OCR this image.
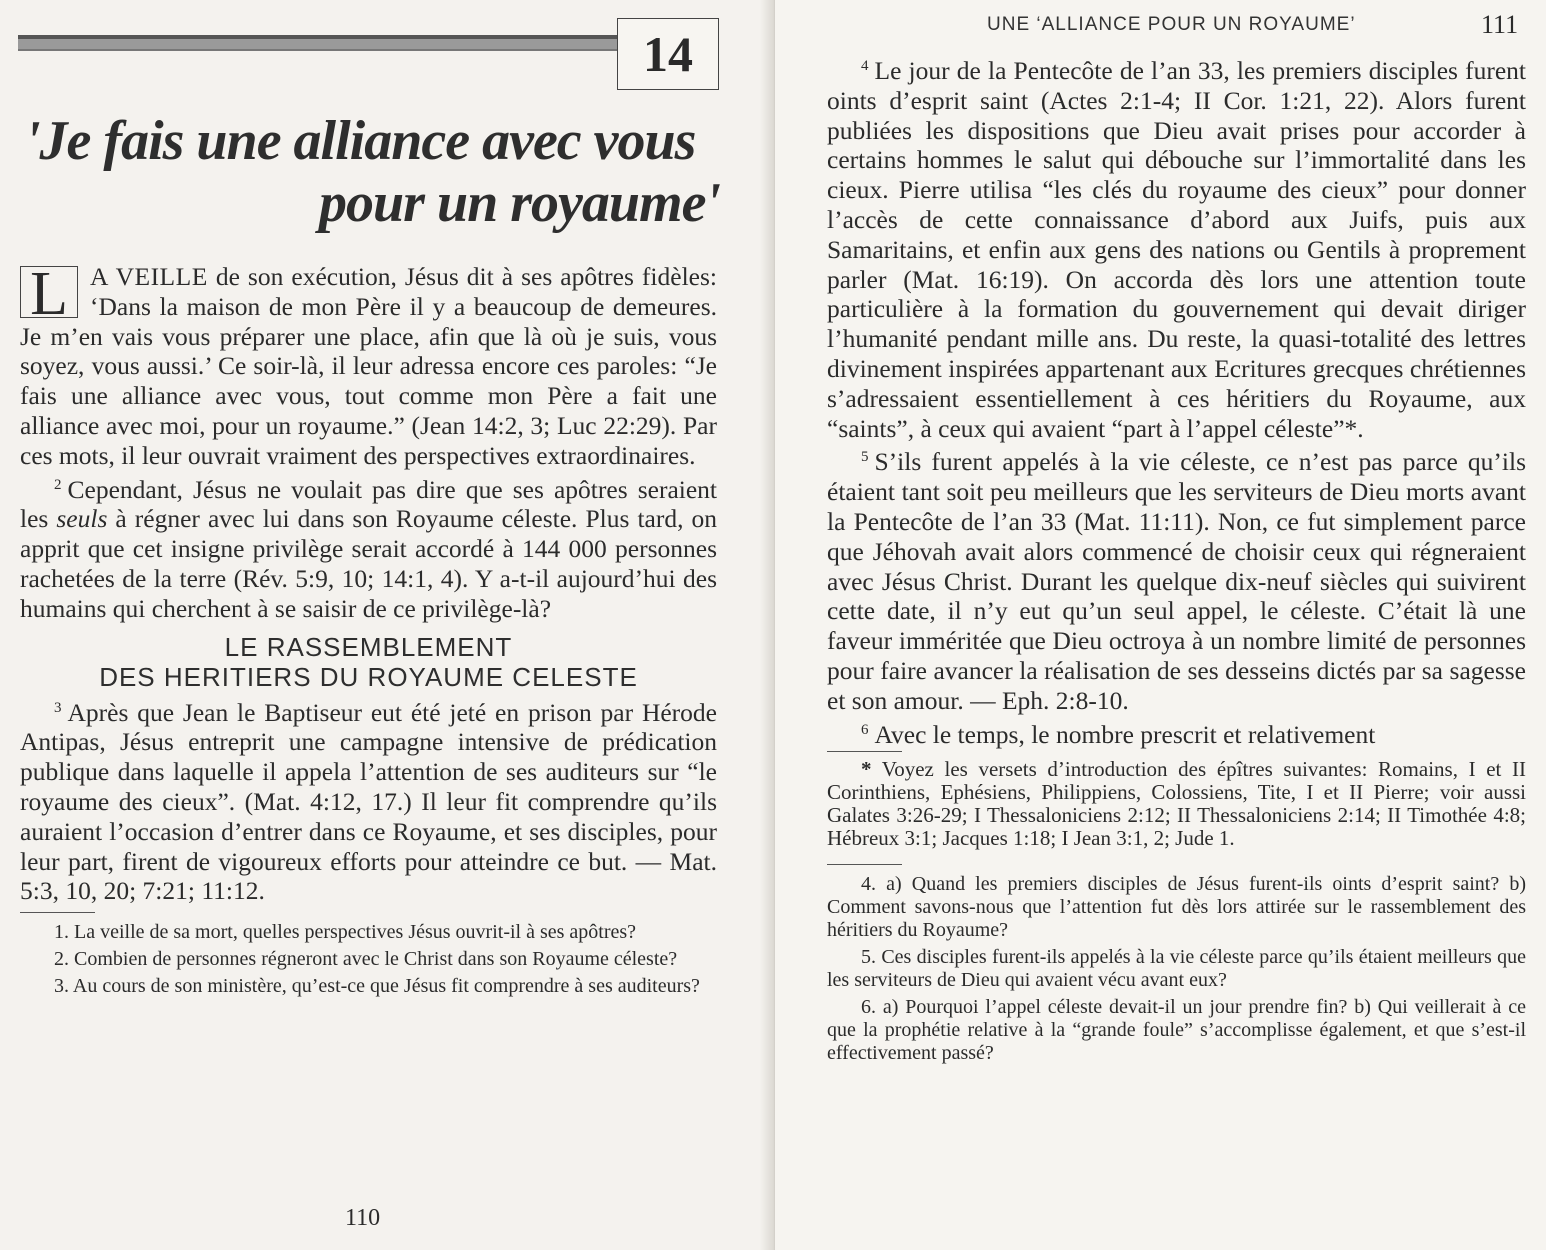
14
'Je fais une alliance avec vous
pour un royaume'

L A VEILLE de son exécution, Jésus dit à ses apôtres fidèles: ‘Dans la maison de mon Père il y a beaucoup de demeures. Je m’en vais vous préparer une place, afin que là où je suis, vous soyez, vous aussi.’ Ce soir-là, il leur adressa encore ces paroles: “Je fais une alliance avec vous, tout comme mon Père a fait une alliance avec moi, pour un royaume.” (Jean 14:2, 3; Luc 22:29). Par ces mots, il leur ouvrait vraiment des perspectives extraordinaires.

$^2$ Cependant, Jésus ne voulait pas dire que ses apôtres seraient les seuls à régner avec lui dans son Royaume céleste. Plus tard, on apprit que cet insigne privilège serait accordé à 144 000 personnes rachetées de la terre (Rév. 5:9, 10; 14:1, 4). Y a-t-il aujourd’hui des humains qui cherchent à se saisir de ce privilège-là?

LE RASSEMBLEMENT
DES HERITIERS DU ROYAUME CELESTE

$^3$ Après que Jean le Baptiseur eut été jeté en prison par Hérode Antipas, Jésus entreprit une campagne intensive de prédication publique dans laquelle il appela l’attention de ses auditeurs sur “le royaume des cieux”. (Mat. 4:12, 17.) Il leur fit comprendre qu’ils auraient l’occasion d’entrer dans ce Royaume, et ses disciples, pour leur part, firent de vigoureux efforts pour atteindre ce but. — Mat. 5:3, 10, 20; 7:21; 11:12.

1. La veille de sa mort, quelles perspectives Jésus ouvrit-il à ses apôtres?

2. Combien de personnes régneront avec le Christ dans son Royaume céleste?

3. Au cours de son ministère, qu’est-ce que Jésus fit comprendre à ses auditeurs?

110
UNE ‘ALLIANCE POUR UN ROYAUME’	111

$^4$ Le jour de la Pentecôte de l’an 33, les premiers disciples furent oints d’esprit saint (Actes 2:1-4; II Cor. 1:21, 22). Alors furent publiées les dispositions que Dieu avait prises pour accorder à certains hommes le salut qui débouche sur l’immortalité dans les cieux. Pierre utilisa “les clés du royaume des cieux” pour donner l’accès de cette connaissance d’abord aux Juifs, puis aux Samaritains, et enfin aux gens des nations ou Gentils à proprement parler (Mat. 16:19). On accorda dès lors une attention toute particulière à la formation du gouvernement qui devait diriger l’humanité pendant mille ans. Du reste, la quasi-totalité des lettres divinement inspirées appartenant aux Ecritures grecques chrétiennes s’adressaient essentiellement à ces héritiers du Royaume, aux “saints”, à ceux qui avaient “part à l’appel céleste”*.

$^5$ S’ils furent appelés à la vie céleste, ce n’est pas parce qu’ils étaient tant soit peu meilleurs que les serviteurs de Dieu morts avant la Pentecôte de l’an 33 (Mat. 11:11). Non, ce fut simplement parce que Jéhovah avait alors commencé de choisir ceux qui régneraient avec Jésus Christ. Durant les quelque dix-neuf siècles qui suivirent cette date, il n’y eut qu’un seul appel, le céleste. C’était là une faveur imméritée que Dieu octroya à un nombre limité de personnes pour faire avancer la réalisation de ses desseins dictés par sa sagesse et son amour. — Eph. 2:8-10.

$^6$ Avec le temps, le nombre prescrit et relativement

* Voyez les versets d’introduction des épîtres suivantes: Romains, I et II Corinthiens, Ephésiens, Philippiens, Colossiens, Tite, I et II Pierre; voir aussi Galates 3:26-29; I Thessaloniciens 2:12; II Thessaloniciens 2:14; II Timothée 4:8; Hébreux 3:1; Jacques 1:18; I Jean 3:1, 2; Jude 1.

4. a) Quand les premiers disciples de Jésus furent-ils oints d’esprit saint? b) Comment savons-nous que l’attention fut dès lors attirée sur le rassemblement des héritiers du Royaume?

5. Ces disciples furent-ils appelés à la vie céleste parce qu’ils étaient meilleurs que les serviteurs de Dieu qui avaient vécu avant eux?

6. a) Pourquoi l’appel céleste devait-il un jour prendre fin? b) Qui veillerait à ce que la prophétie relative à la “grande foule” s’accomplisse également, et que s’est-il effectivement passé?
